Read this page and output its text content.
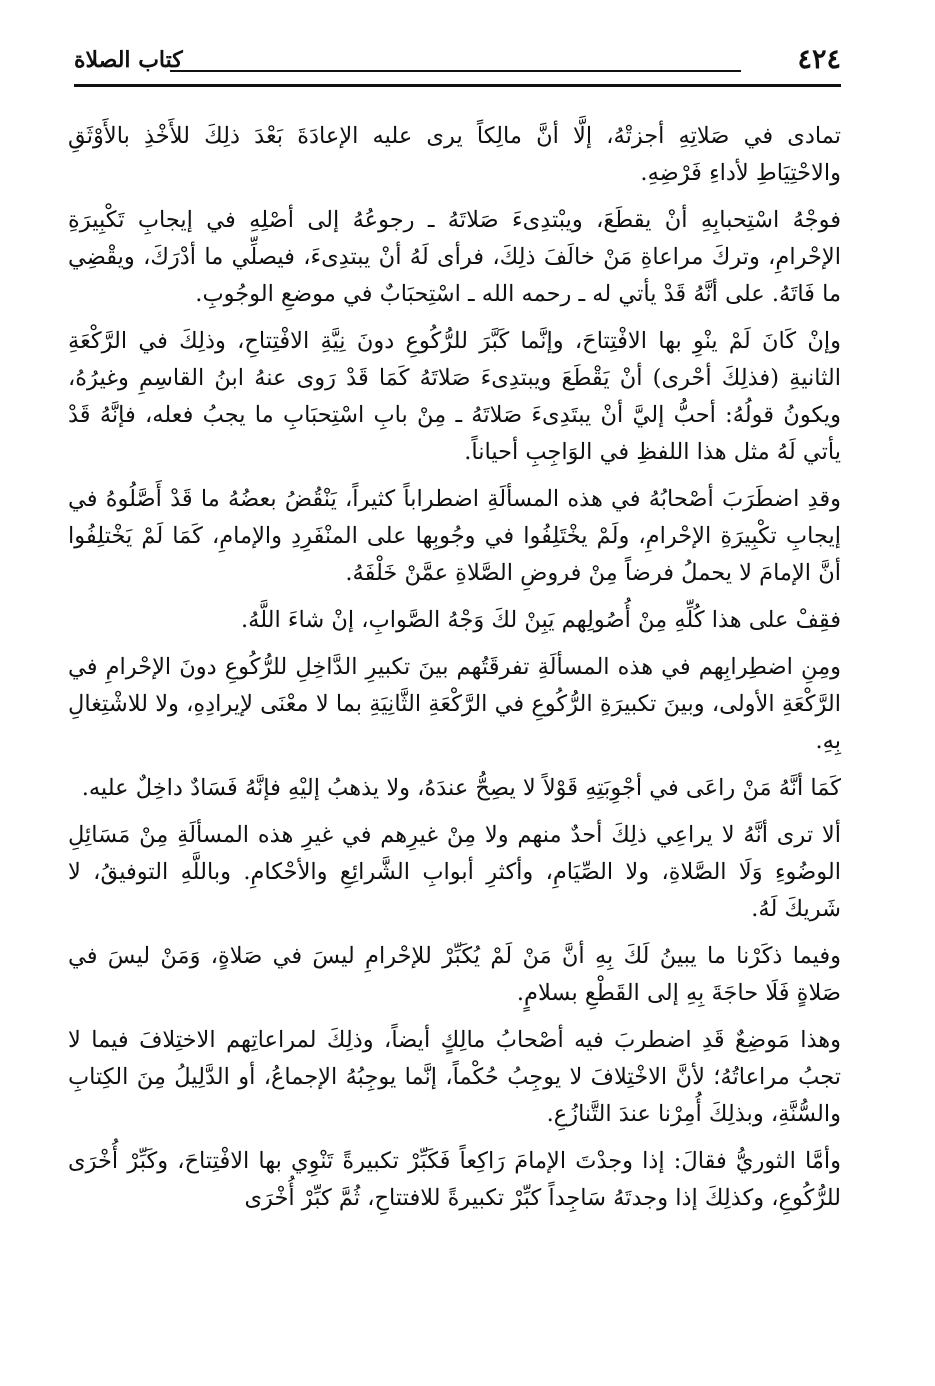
٤٢٤
كتاب الصلاة

تمادى في صَلاتِهِ أجزتْهُ، إلَّا أنَّ مالِكاً يرى عليه الإعادَةَ بَعْدَ ذلِكَ للأَخْذِ بالأَوْثَقِ والاحْتِيَاطِ لأداءِ فَرْضِهِ.

فوجْهُ اسْتِحبابِهِ أنْ يقطَعَ، ويبْتدِىءَ صَلاتَهُ ـ رجوعُهُ إلى أصْلِهِ في إيجابِ تَكْبِيرَةِ الإحْرامِ، وتركَ مراعاةِ مَنْ خالَفَ ذلِكَ، فرأى لَهُ أنْ يبتدِىءَ، فيصلِّي ما أدْرَكَ، ويقْضِي ما فَاتَهُ. على أنَّهُ قَدْ يأتي له ـ رحمه الله ـ اسْتِحبَابٌ في موضعِ الوجُوبِ.

وإنْ كَانَ لَمْ ينْوِ بها الافْتِتاحَ، وإنَّما كَبَّرَ للرُّكُوعِ دونَ نِيَّةِ الافْتِتاحِ، وذلِكَ في الرَّكْعَةِ الثانيةِ (فذلِكَ أحْرى) أنْ يَقْطَعَ ويبتدِىءَ صَلاتَهُ كَمَا قَدْ رَوى عنهُ ابنُ القاسِمِ وغيرُهُ، ويكونُ قولُهُ: أحبُّ إليَّ أنْ يبتَدِىءَ صَلاتَهُ ـ مِنْ بابِ اسْتِحبَابِ ما يجبُ فعله، فإنَّهُ قَدْ يأتي لَهُ مثل هذا اللفظِ في الوَاجِبِ أحياناً.

وقدِ اضطَرَبَ أصْحابُهُ في هذه المسألَةِ اضطراباً كثيراً، يَنْقُضُ بعضُهُ ما قَدْ أَصَّلُوهُ في إيجابِ تكْبِيرَةِ الإحْرامِ، ولَمْ يخْتَلِفُوا في وجُوبِها على المنْفَرِدِ والإمامِ، كَمَا لَمْ يَخْتلِفُوا أنَّ الإمامَ لا يحملُ فرضاً مِنْ فروضِ الصَّلاةِ عمَّنْ خَلْفَهُ.

فقِفْ على هذا كُلِّهِ مِنْ أُصُولِهم يَبِنْ لكَ وَجْهُ الصَّوابِ، إنْ شاءَ اللَّهُ.

ومِنِ اضطِرابِهم في هذه المسألَةِ تفرقَتُهم بينَ تكبيرِ الدَّاخِلِ للرُّكُوعِ دونَ الإحْرامِ في الرَّكْعَةِ الأولى، وبينَ تكبيرَةِ الرُّكُوعِ في الرَّكْعَةِ الثَّانِيَةِ بما لا معْنَى لإيرادِهِ، ولا للاشْتِغالِ بِهِ.

كَمَا أنَّهُ مَنْ راعَى في أجْوِبَتِهِ قَوْلاً لا يصِحُّ عندَهُ، ولا يذهبُ إليْهِ فإنَّهُ فَسَادٌ داخِلٌ عليه.

ألا ترى أنَّهُ لا يراعِي ذلِكَ أحدٌ منهم ولا مِنْ غيرِهم في غيرِ هذه المسألَةِ مِنْ مَسَائِلِ الوضُوءِ وَلَا الصَّلاةِ، ولا الصِّيَامِ، وأكثرِ أبوابِ الشَّرائِعِ والأحْكامِ. وباللَّهِ التوفيقُ، لا شَريكَ لَهُ.

وفيما ذكَرْنا ما يبينُ لَكَ بِهِ أنَّ مَنْ لَمْ يُكَبِّرْ للإحْرامِ ليسَ في صَلاةٍ، وَمَنْ ليسَ في صَلاةٍ فَلَا حاجَةَ بِهِ إلى القَطْعِ بسلامٍ.

وهذا مَوضِعٌ قَدِ اضطربَ فيه أصْحابُ مالِكٍ أيضاً، وذلِكَ لمراعاتِهم الاختِلافَ فيما لا تجبُ مراعاتُهُ؛ لأنَّ الاخْتِلافَ لا يوجِبُ حُكْماً، إنَّما يوجِبُهُ الإجماعُ، أو الدَّلِيلُ مِنَ الكِتابِ والسُّنَّةِ، وبذلِكَ أُمِرْنا عندَ التَّنازُعِ.

وأمَّا الثوريُّ فقالَ: إذا وجدْتَ الإمامَ رَاكِعاً فَكَبِّرْ تكبيرةً تَنْوِي بها الافْتِتاحَ، وكَبِّرْ أُخْرَى للرُّكُوعِ، وكذلِكَ إذا وجدتَهُ سَاجِداً كبِّرْ تكبيرةً للافتتاحِ، ثُمَّ كبِّرْ أُخْرَى
